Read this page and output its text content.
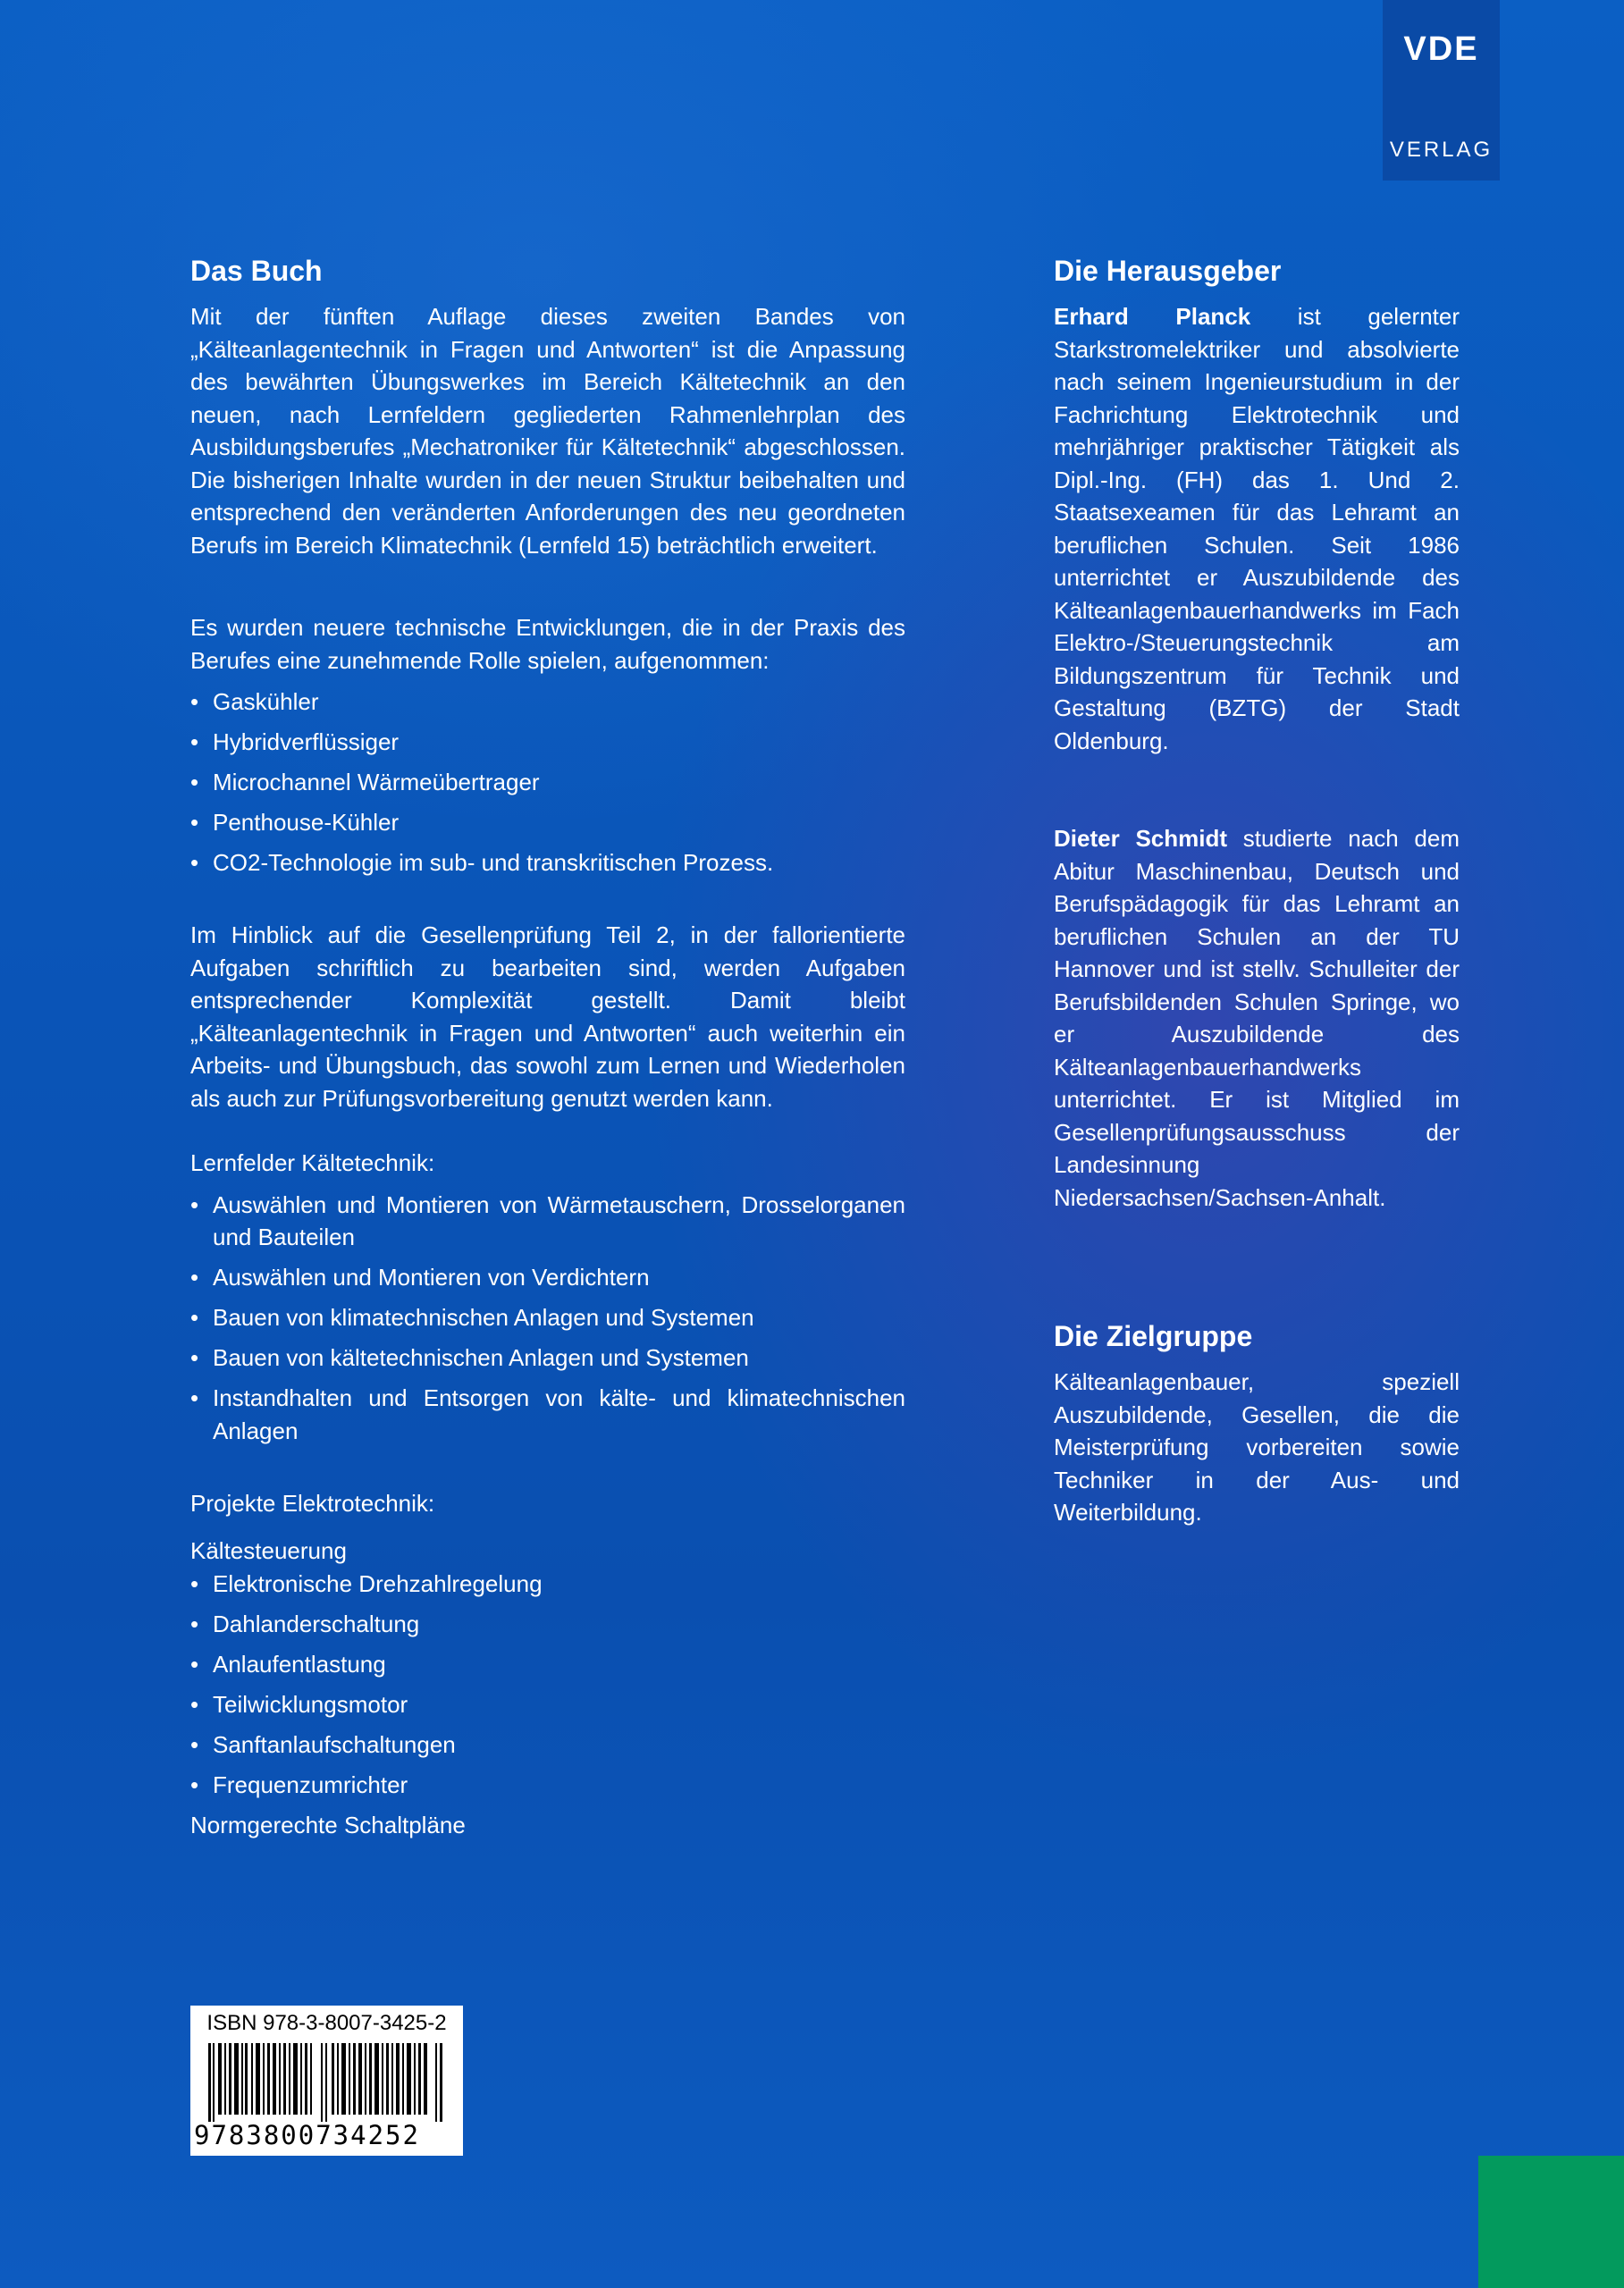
VDE
VERLAG
Das Buch

Mit der fünften Auflage dieses zweiten Bandes von „Kälteanlagentechnik in Fragen und Antworten“ ist die Anpassung des bewährten Übungswerkes im Bereich Kältetechnik an den neuen, nach Lernfeldern gegliederten Rahmenlehrplan des Ausbildungsberufes „Mechatroniker für Kältetechnik“ abgeschlossen. Die bisherigen Inhalte wurden in der neuen Struktur beibehalten und entsprechend den veränderten Anforderungen des neu geordneten Berufs im Bereich Klimatechnik (Lernfeld 15) beträchtlich erweitert.

Es wurden neuere technische Entwicklungen, die in der Praxis des Berufes eine zunehmende Rolle spielen, aufgenommen:

• Gaskühler
• Hybridverflüssiger
• Microchannel Wärmeübertrager
• Penthouse-Kühler
• CO2-Technologie im sub- und transkritischen Prozess.

Im Hinblick auf die Gesellenprüfung Teil 2, in der fallorientierte Aufgaben schriftlich zu bearbeiten sind, werden Aufgaben entsprechender Komplexität gestellt. Damit bleibt „Kälteanlagentechnik in Fragen und Antworten“ auch weiterhin ein Arbeits- und Übungsbuch, das sowohl zum Lernen und Wiederholen als auch zur Prüfungsvorbereitung genutzt werden kann.

Lernfelder Kältetechnik:
• Auswählen und Montieren von Wärmetauschern, Drosselorganen und Bauteilen
• Auswählen und Montieren von Verdichtern
• Bauen von klimatechnischen Anlagen und Systemen
• Bauen von kältetechnischen Anlagen und Systemen
• Instandhalten und Entsorgen von kälte- und klimatechnischen Anlagen
Projekte Elektrotechnik:
Kältesteuerung
• Elektronische Drehzahlregelung
• Dahlanderschaltung
• Anlaufentlastung
• Teilwicklungsmotor
• Sanftanlaufschaltungen
• Frequenzumrichter
Normgerechte Schaltpläne
Die Herausgeber

Erhard Planck ist gelernter Starkstromelektriker und absolvierte nach seinem Ingenieurstudium in der Fachrichtung Elektrotechnik und mehrjähriger praktischer Tätigkeit als Dipl.-Ing. (FH) das 1. Und 2. Staatsexeamen für das Lehramt an beruflichen Schulen. Seit 1986 unterrichtet er Auszubildende des Kälteanlagenbauerhandwerks im Fach Elektro-/Steuerungstechnik am Bildungszentrum für Technik und Gestaltung (BZTG) der Stadt Oldenburg.

Dieter Schmidt studierte nach dem Abitur Maschinenbau, Deutsch und Berufspädagogik für das Lehramt an beruflichen Schulen an der TU Hannover und ist stellv. Schulleiter der Berufsbildenden Schulen Springe, wo er Auszubildende des Kälteanlagenbauerhandwerks unterrichtet. Er ist Mitglied im Gesellenprüfungsausschuss der Landesinnung Niedersachsen/Sachsen-Anhalt.

Die Zielgruppe

Kälteanlagenbauer, speziell Auszubildende, Gesellen, die die Meisterprüfung vorbereiten sowie Techniker in der Aus- und Weiterbildung.

ISBN 978-3-8007-3425-2
9783800734252
